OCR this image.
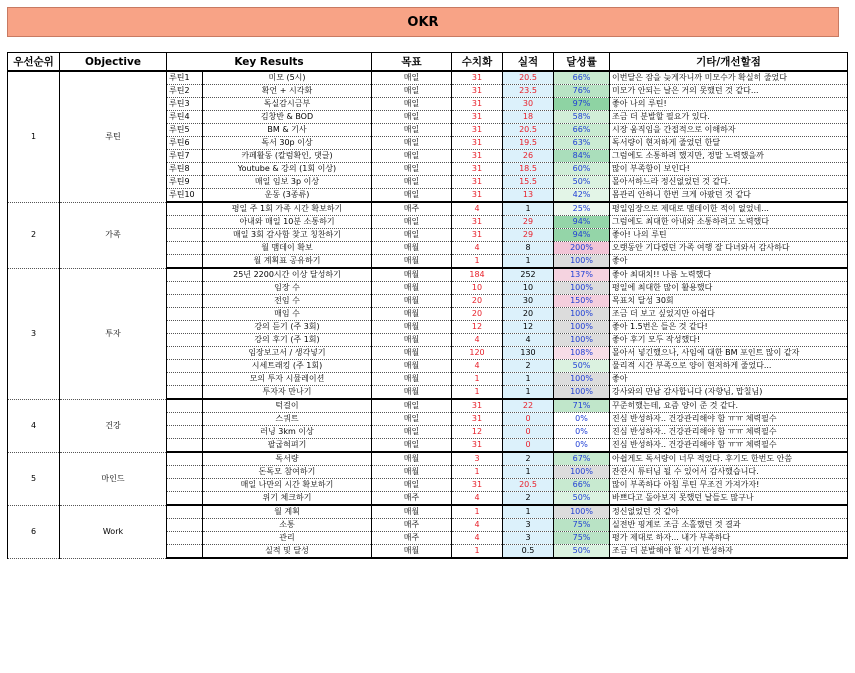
OKR
우선순위	Objective	Key Results		목표	수치화	실적	달성률	기타/개선할점
1	루틴	루틴1	미모 (5시)	매일	31	20.5	66%	이번달은 잠을 늦게자니까 미모수가 확실히 줄었다
		루틴2	확언 + 시각화	매일	31	23.5	76%	미모가 안되는 날은 거의 못했던 것 같다...
		루틴3	독실감시금부	매일	31	30	97%	좋아 나의 루틴!
		루틴4	김창반 & BOD	매일	31	18	58%	조금 더 분발할 필요가 있다.
		루틴5	BM & 기사	매일	31	20.5	66%	시장 움직임을 간접적으로 이해하자
		루틴6	독서 30p 이상	매일	31	19.5	63%	독서량이 현저하게 줄었던 한달
		루틴7	카페활동 (칼럼확인, 댓글)	매일	31	26	84%	그럼에도 소통하려 했지만, 정말 노력했을까
		루틴8	Youtube & 강의 (1회 이상)	매일	31	18.5	60%	많이 부족함이 보인다!
		루틴9	매일 임보 3p 이상	매일	31	15.5	50%	몰아서하느라 정신없었던 것 같다.
		루틴10	운동 (3종류)	매일	31	13	42%	몸관리 안하니 한번 크게 아팠던 것 같다
2	가족		평일 주 1회 가족 시간 확보하기	매주	4	1	25%	평일임장으로 제대로 맴데이한 적이 없었네...
			아내와 매일 10분 소통하기	매일	31	29	94%	그럼에도 최대한 아내와 소통하려고 노력했다
			매일 3회 감사함 찾고 칭찬하기	매일	31	29	94%	좋아! 나의 루틴
			월 맴데이 확보	매월	4	8	200%	오랫동안 기다렸던 가족 여행 잘 다녀와서 감사하다
			월 계획표 공유하기	매월	1	1	100%	좋아
3	투자		25년 2200시간 이상 달성하기	매월	184	252	137%	좋아 최대치!! 나름 노력했다
			임장 수	매월	10	10	100%	평일에 최대한 많이 활용했다
			전임 수	매월	20	30	150%	목표치 달성 30회
			매임 수	매월	20	20	100%	조금 더 보고 싶었지만 아쉽다
			강의 듣기 (주 3회)	매월	12	12	100%	좋아 1.5번은 들은 것 같다!
			강의 후기 (주 1회)	매월	4	4	100%	좋아 후기 모두 작성했다!
			임장보고서 / 생각넣기	매월	120	130	108%	몰아서 넣긴했으나, 사임에 대한 BM 포인트 많이 같자
			시세트래킹 (주 1회)	매월	4	2	50%	물리적 시간 부족으로 양이 현저하게 줄었다...
			모의 투자 시뮬레이션	매월	1	1	100%	좋아
			투자자 만나기	매월	1	1	100%	강사와의 만남 감사합니다 (자향님, 맙칠님)
4	건강		턱걸이	매일	31	22	71%	꾸준히했는데, 요즘 양이 준 것 같다.
			스쿼트	매일	31	0	0%	진심 반성하자.. 건강관리해야 함 ㅠㅠ 체력필수
			러닝 3km 이상	매일	12	0	0%	진심 반성하자.. 건강관리해야 함 ㅠㅠ 체력필수
			팔굽혀펴기	매일	31	0	0%	진심 반성하자.. 건강관리해야 함 ㅠㅠ 체력필수
5	마인드		독서량	매월	3	2	67%	아쉽게도 독서량이 너무 적었다. 후기도 한번도 안씀
			돈독모 참여하기	매월	1	1	100%	잔잔시 튜터님 될 수 있어서 감사했습니다.
			매일 나만의 시간 확보하기	매일	31	20.5	66%	많이 부족하다 아침 루틴 무조건 가져가자!
			위기 체크하기	매주	4	2	50%	바쁘다고 돌아보지 못했던 날들도 많구나
6	Work		월 계획	매월	1	1	100%	정신없었던 것 같아
			소통	매주	4	3	75%	실전반 핑계로 조금 소홀했던 것 결과
			관리	매주	4	3	75%	평가 제대로 하자... 내가 부족하다
			실적 및 달성	매월	1	0.5	50%	조금 더 분발해야 할 시기 반성하자
